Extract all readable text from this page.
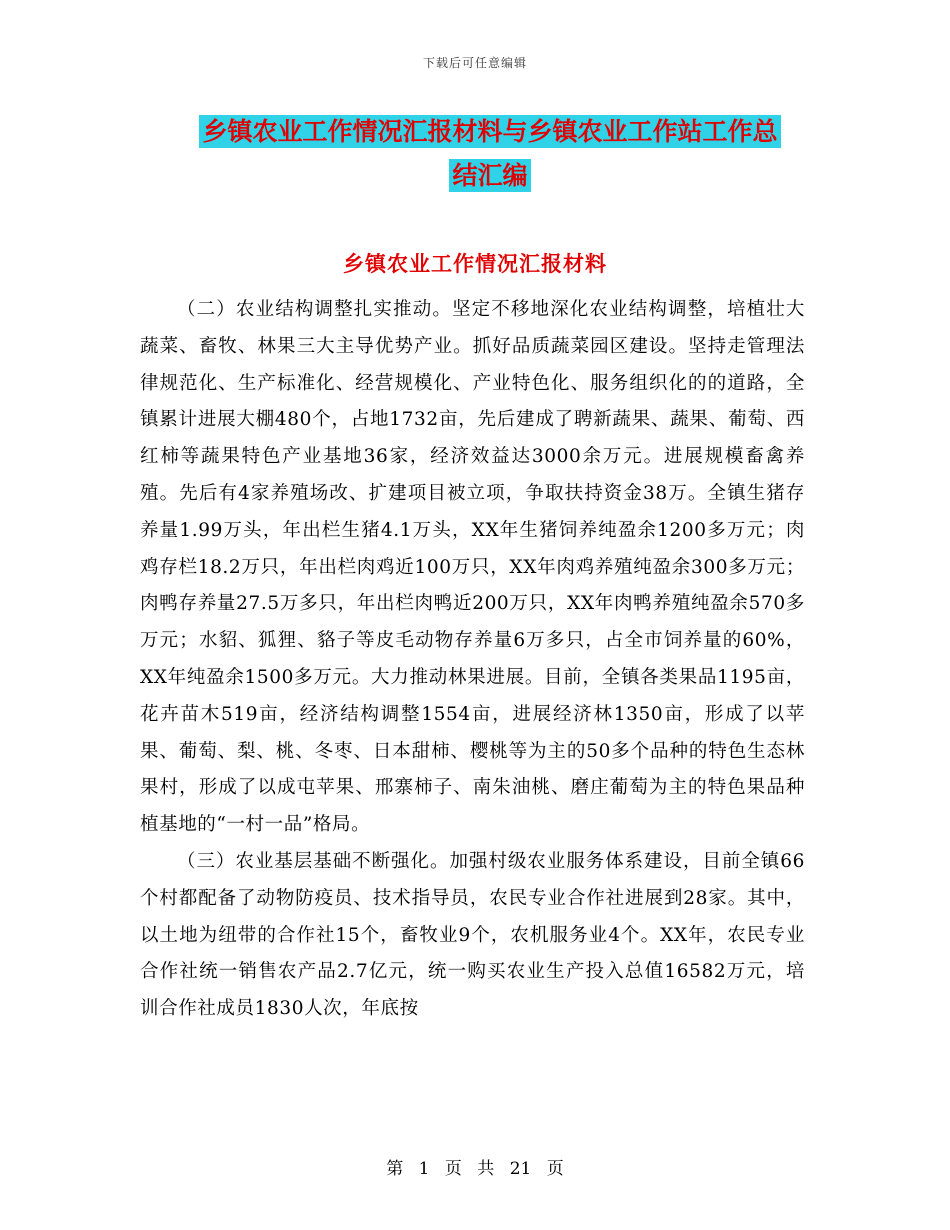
下载后可任意编辑
乡镇农业工作情况汇报材料与乡镇农业工作站工作总
结汇编
乡镇农业工作情况汇报材料

（二）农业结构调整扎实推动。坚定不移地深化农业结构调整，培植壮大蔬菜、畜牧、林果三大主导优势产业。抓好品质蔬菜园区建设。坚持走管理法律规范化、生产标准化、经营规模化、产业特色化、服务组织化的的道路，全镇累计进展大棚480个，占地1732亩，先后建成了聘新蔬果、蔬果、葡萄、西红柿等蔬果特色产业基地36家，经济效益达3000余万元。进展规模畜禽养殖。先后有4家养殖场改、扩建项目被立项，争取扶持资金38万。全镇生猪存养量1.99万头，年出栏生猪4.1万头，XX年生猪饲养纯盈余1200多万元；肉鸡存栏18.2万只，年出栏肉鸡近100万只，XX年肉鸡养殖纯盈余300多万元；肉鸭存养量27.5万多只，年出栏肉鸭近200万只，XX年肉鸭养殖纯盈余570多万元；水貂、狐狸、貉子等皮毛动物存养量6万多只，占全市饲养量的60%，XX年纯盈余1500多万元。大力推动林果进展。目前，全镇各类果品1195亩，花卉苗木519亩，经济结构调整1554亩，进展经济林1350亩，形成了以苹果、葡萄、梨、桃、冬枣、日本甜柿、樱桃等为主的50多个品种的特色生态林果村，形成了以成屯苹果、邢寨柿子、南朱油桃、磨庄葡萄为主的特色果品种植基地的“一村一品”格局。

（三）农业基层基础不断强化。加强村级农业服务体系建设，目前全镇66个村都配备了动物防疫员、技术指导员，农民专业合作社进展到28家。其中，以土地为纽带的合作社15个，畜牧业9个，农机服务业4个。XX年，农民专业合作社统一销售农产品2.7亿元，统一购买农业生产投入总值16582万元，培训合作社成员1830人次，年底按

第 1 页 共 21 页
